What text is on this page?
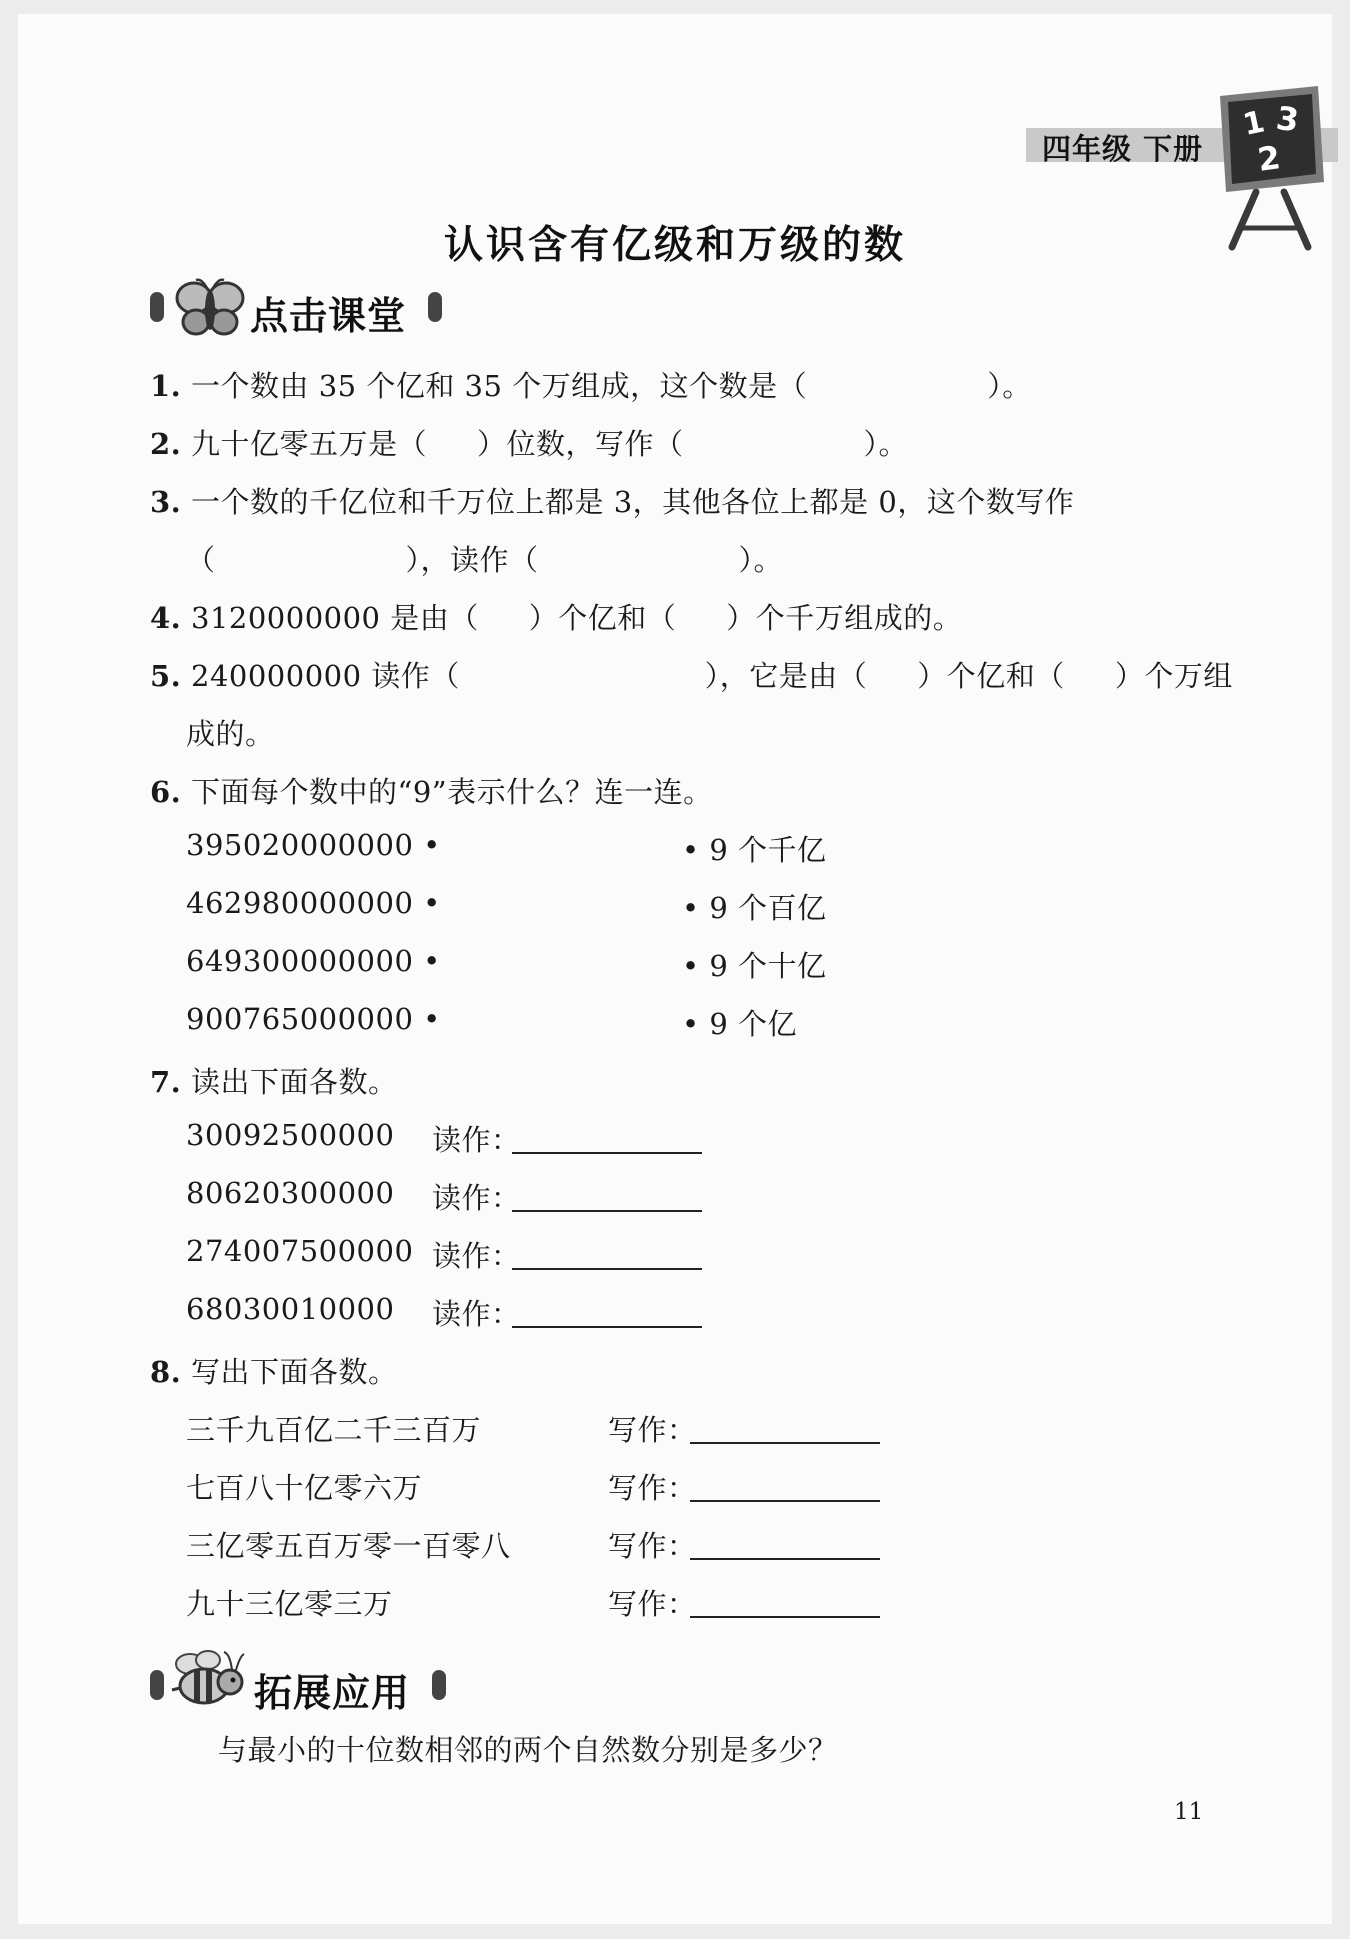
四年级 下册
1 3
2
认识含有亿级和万级的数
点击课堂
1. 一个数由 35 个亿和 35 个万组成，这个数是（	）。
2. 九十亿零五万是（ ）位数，写作（	）。
3. 一个数的千亿位和千万位上都是 3，其他各位上都是 0，这个数写作
（	），读作（	）。
4. 3120000000 是由（ ）个亿和（ ）个千万组成的。
5. 240000000 读作（	），它是由（ ）个亿和（ ）个万组
成的。
6. 下面每个数中的“9”表示什么？连一连。
395020000000 •
462980000000 •
649300000000 •
900765000000 •
• 9 个千亿
• 9 个百亿
• 9 个十亿
• 9 个亿
7. 读出下面各数。
30092500000 读作：
80620300000 读作：
274007500000 读作：
68030010000 读作：
8. 写出下面各数。
三千九百亿二千三百万	写作：
七百八十亿零六万	写作：
三亿零五百万零一百零八	写作：
九十三亿零三万	写作：
拓展应用
与最小的十位数相邻的两个自然数分别是多少？
11
